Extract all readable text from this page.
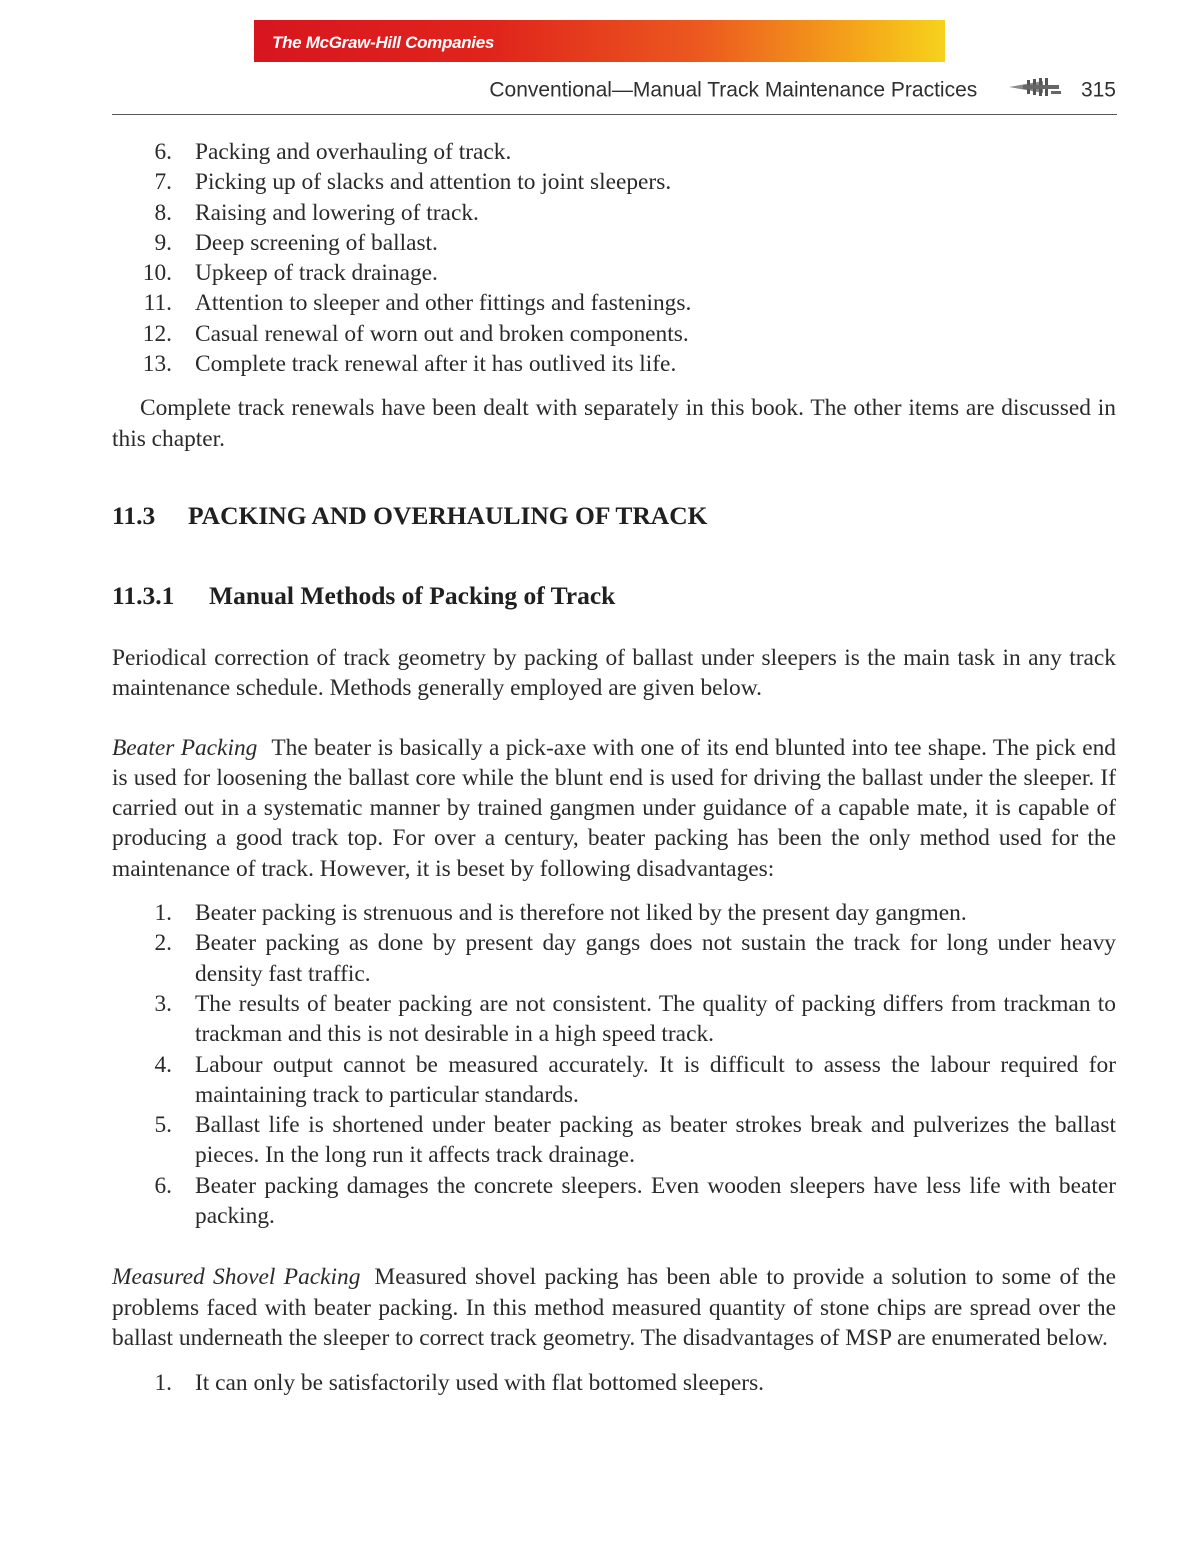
The McGraw-Hill Companies
Conventional—Manual Track Maintenance Practices	315
6. Packing and overhauling of track.
7. Picking up of slacks and attention to joint sleepers.
8. Raising and lowering of track.
9. Deep screening of ballast.
10. Upkeep of track drainage.
11. Attention to sleeper and other fittings and fastenings.
12. Casual renewal of worn out and broken components.
13. Complete track renewal after it has outlived its life.

Complete track renewals have been dealt with separately in this book. The other items are discussed in this chapter.

11.3 PACKING AND OVERHAULING OF TRACK
11.3.1 Manual Methods of Packing of Track

Periodical correction of track geometry by packing of ballast under sleepers is the main task in any track maintenance schedule. Methods generally employed are given below.

Beater Packing The beater is basically a pick-axe with one of its end blunted into tee shape. The pick end is used for loosening the ballast core while the blunt end is used for driving the ballast under the sleeper. If carried out in a systematic manner by trained gangmen under guidance of a capable mate, it is capable of producing a good track top. For over a century, beater packing has been the only method used for the maintenance of track. However, it is beset by following disadvantages:

1. Beater packing is strenuous and is therefore not liked by the present day gangmen.
2. Beater packing as done by present day gangs does not sustain the track for long under heavy density fast traffic.
3. The results of beater packing are not consistent. The quality of packing differs from trackman to trackman and this is not desirable in a high speed track.
4. Labour output cannot be measured accurately. It is difficult to assess the labour required for maintaining track to particular standards.
5. Ballast life is shortened under beater packing as beater strokes break and pulverizes the ballast pieces. In the long run it affects track drainage.
6. Beater packing damages the concrete sleepers. Even wooden sleepers have less life with beater packing.

Measured Shovel Packing Measured shovel packing has been able to provide a solution to some of the problems faced with beater packing. In this method measured quantity of stone chips are spread over the ballast underneath the sleeper to correct track geometry. The disadvantages of MSP are enumerated below.

1. It can only be satisfactorily used with flat bottomed sleepers.
